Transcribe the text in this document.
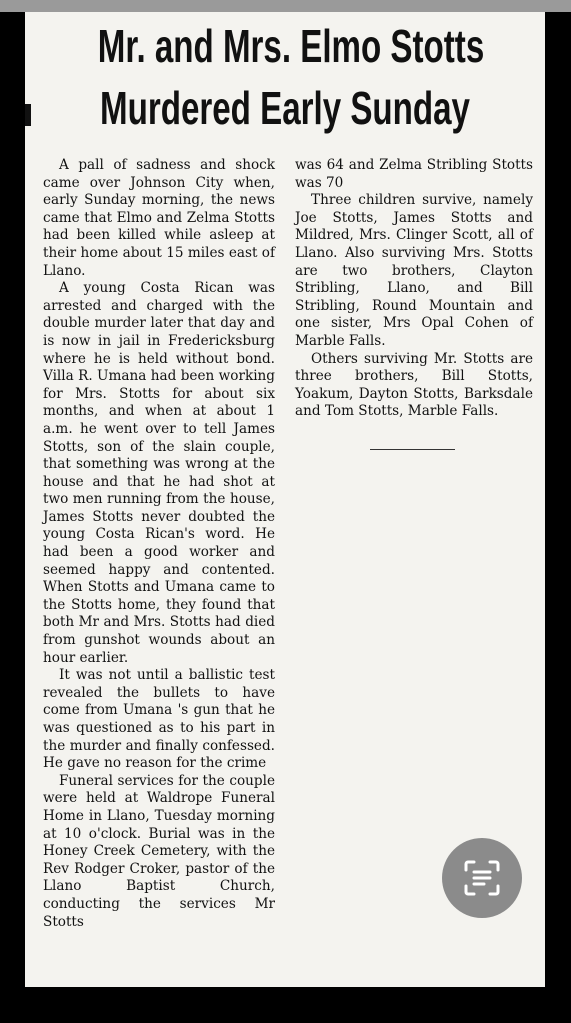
Mr. and Mrs. Elmo Stotts
Murdered Early Sunday

A pall of sadness and shock came over Johnson City when, early Sunday morning, the news came that Elmo and Zelma Stotts had been killed while asleep at their home about 15 miles east of Llano.

A young Costa Rican was arrested and charged with the double murder later that day and is now in jail in Fredericksburg where he is held without bond. Villa R. Umana had been working for Mrs. Stotts for about six months, and when at about 1 a.m. he went over to tell James Stotts, son of the slain couple, that something was wrong at the house and that he had shot at two men running from the house, James Stotts never doubted the young Costa Rican's word. He had been a good worker and seemed happy and contented. When Stotts and Umana came to the Stotts home, they found that both Mr and Mrs. Stotts had died from gunshot wounds about an hour earlier.

It was not until a ballistic test revealed the bullets to have come from Umana 's gun that he was questioned as to his part in the murder and finally confessed. He gave no reason for the crime

Funeral services for the couple were held at Waldrope Funeral Home in Llano, Tuesday morning at 10 o'clock. Burial was in the Honey Creek Cemetery, with the Rev Rodger Croker, pastor of the Llano Baptist Church, conducting the services Mr Stotts

was 64 and Zelma Stribling Stotts was 70

Three children survive, namely Joe Stotts, James Stotts and Mildred, Mrs. Clinger Scott, all of Llano. Also surviving Mrs. Stotts are two brothers, Clayton Stribling, Llano, and Bill Stribling, Round Mountain and one sister, Mrs Opal Cohen of Marble Falls.

Others surviving Mr. Stotts are three brothers, Bill Stotts, Yoakum, Dayton Stotts, Barksdale and Tom Stotts, Marble Falls.
